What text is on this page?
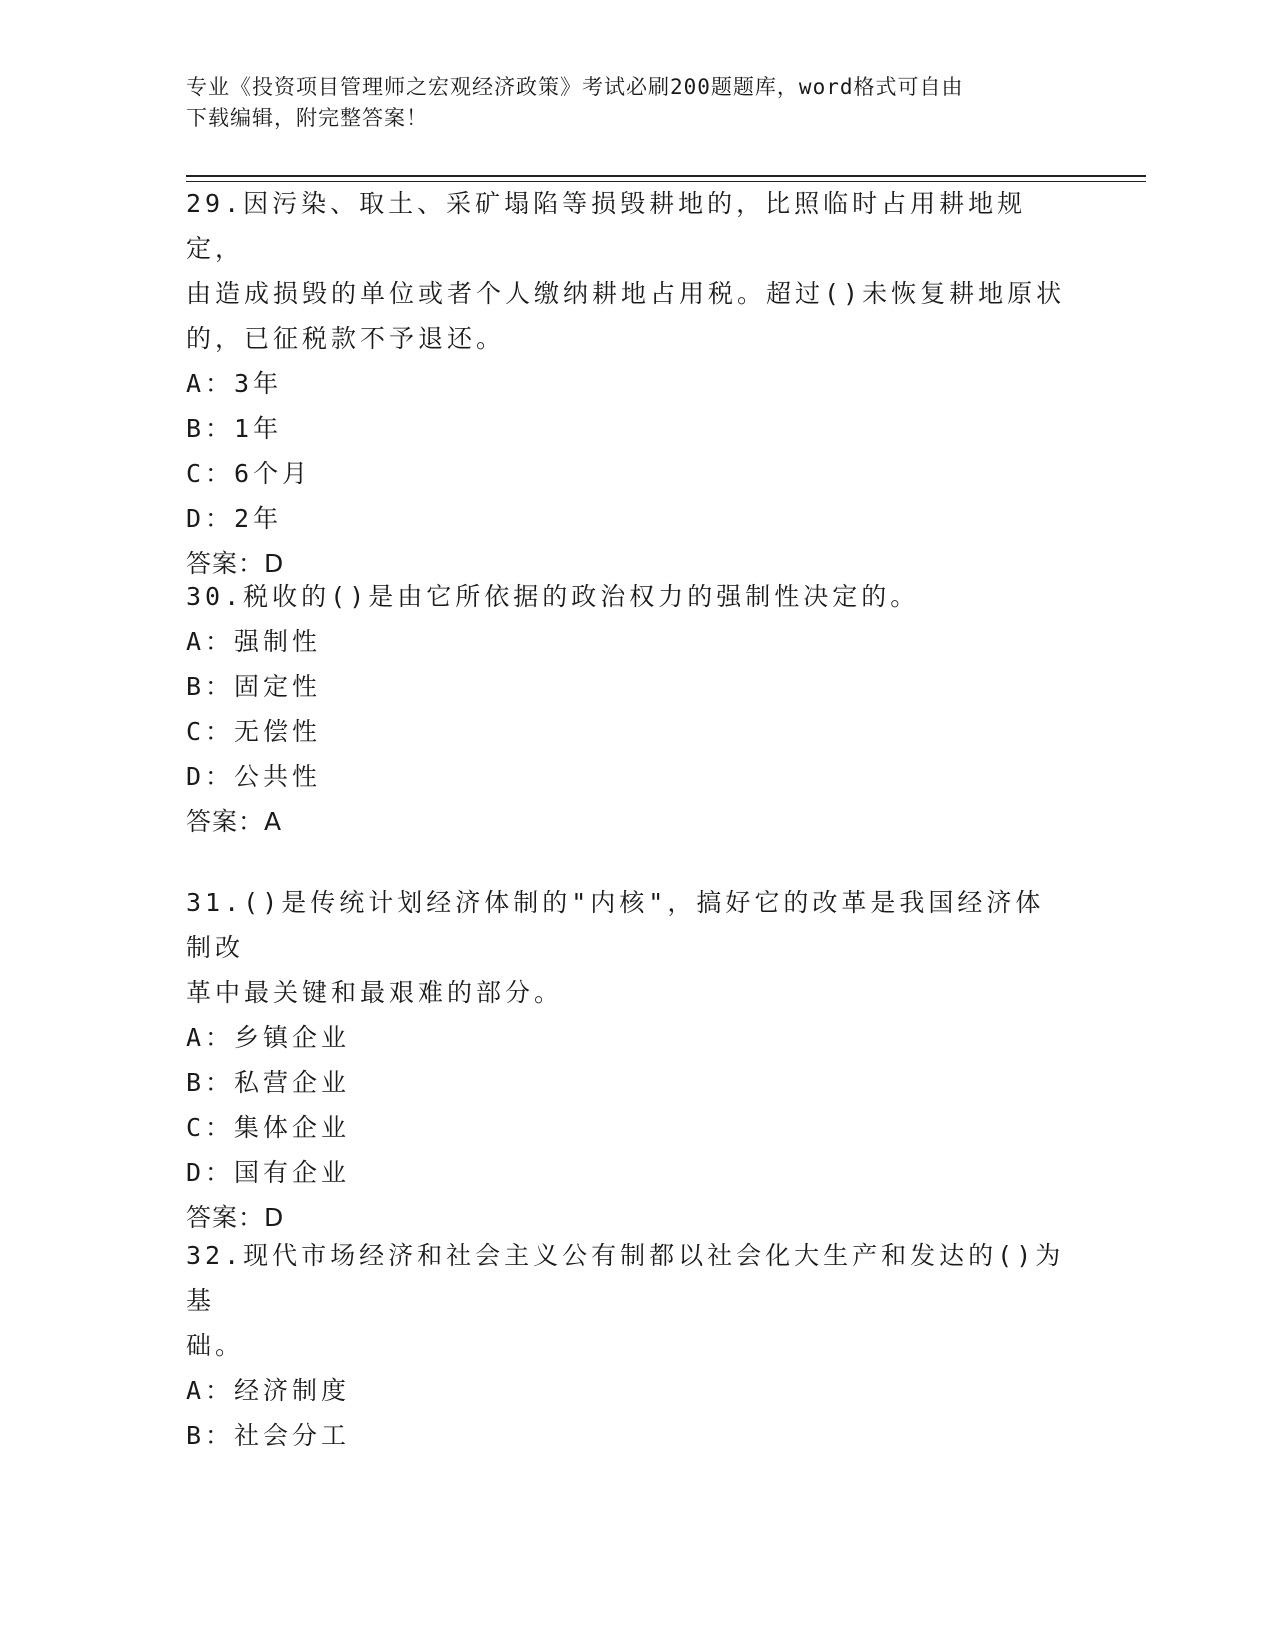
专业《投资项目管理师之宏观经济政策》考试必刷200题题库，word格式可自由
下载编辑，附完整答案！

29.因污染、取土、采矿塌陷等损毁耕地的，比照临时占用耕地规定，

由造成损毁的单位或者个人缴纳耕地占用税。超过()未恢复耕地原状

的，已征税款不予退还。

A：3年

B：1年

C：6个月

D：2年

答案：D

30.税收的()是由它所依据的政治权力的强制性决定的。

A：强制性

B：固定性

C：无偿性

D：公共性

答案：A

31.()是传统计划经济体制的"内核"，搞好它的改革是我国经济体制改

革中最关键和最艰难的部分。

A：乡镇企业

B：私营企业

C：集体企业

D：国有企业

答案：D

32.现代市场经济和社会主义公有制都以社会化大生产和发达的()为基

础。

A：经济制度

B：社会分工
